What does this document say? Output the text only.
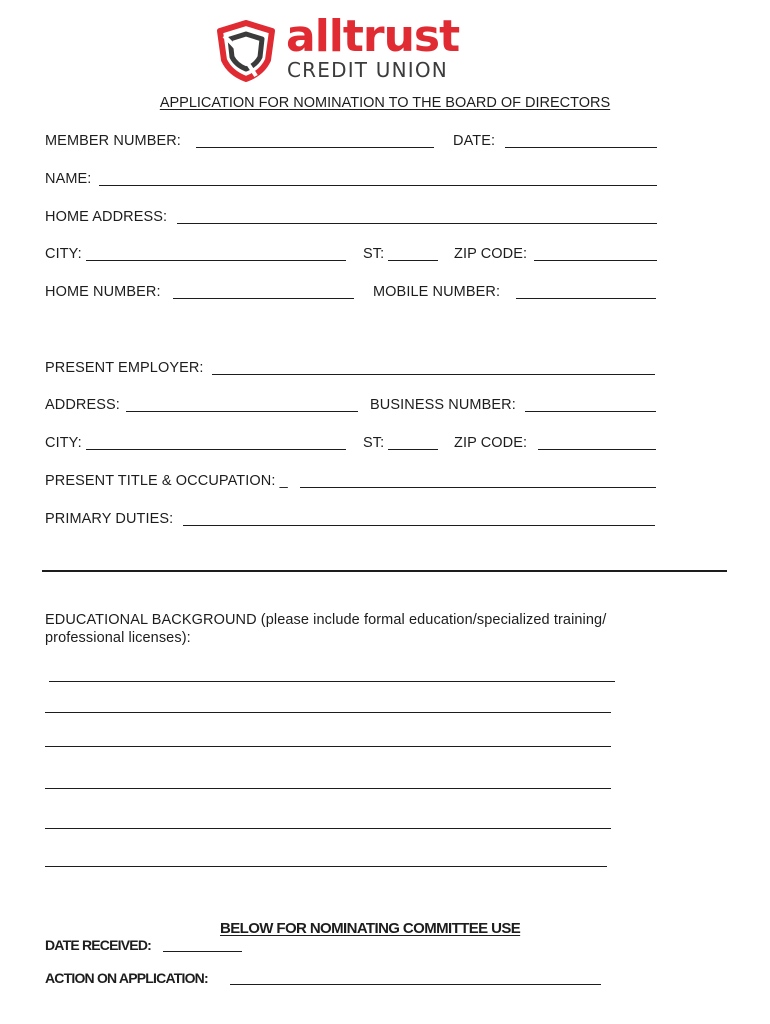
alltrust
CREDIT UNION
APPLICATION FOR NOMINATION TO THE BOARD OF DIRECTORS
MEMBER NUMBER:	DATE:
NAME:
HOME ADDRESS:
CITY:	ST:	ZIP CODE:
HOME NUMBER:	MOBILE NUMBER:
PRESENT EMPLOYER:
ADDRESS:	BUSINESS NUMBER:
CITY:	ST:	ZIP CODE:
PRESENT TITLE & OCCUPATION: _
PRIMARY DUTIES:
EDUCATIONAL BACKGROUND (please include formal education/specialized training/
professional licenses):
BELOW FOR NOMINATING COMMITTEE USE
DATE RECEIVED:
ACTION ON APPLICATION:
